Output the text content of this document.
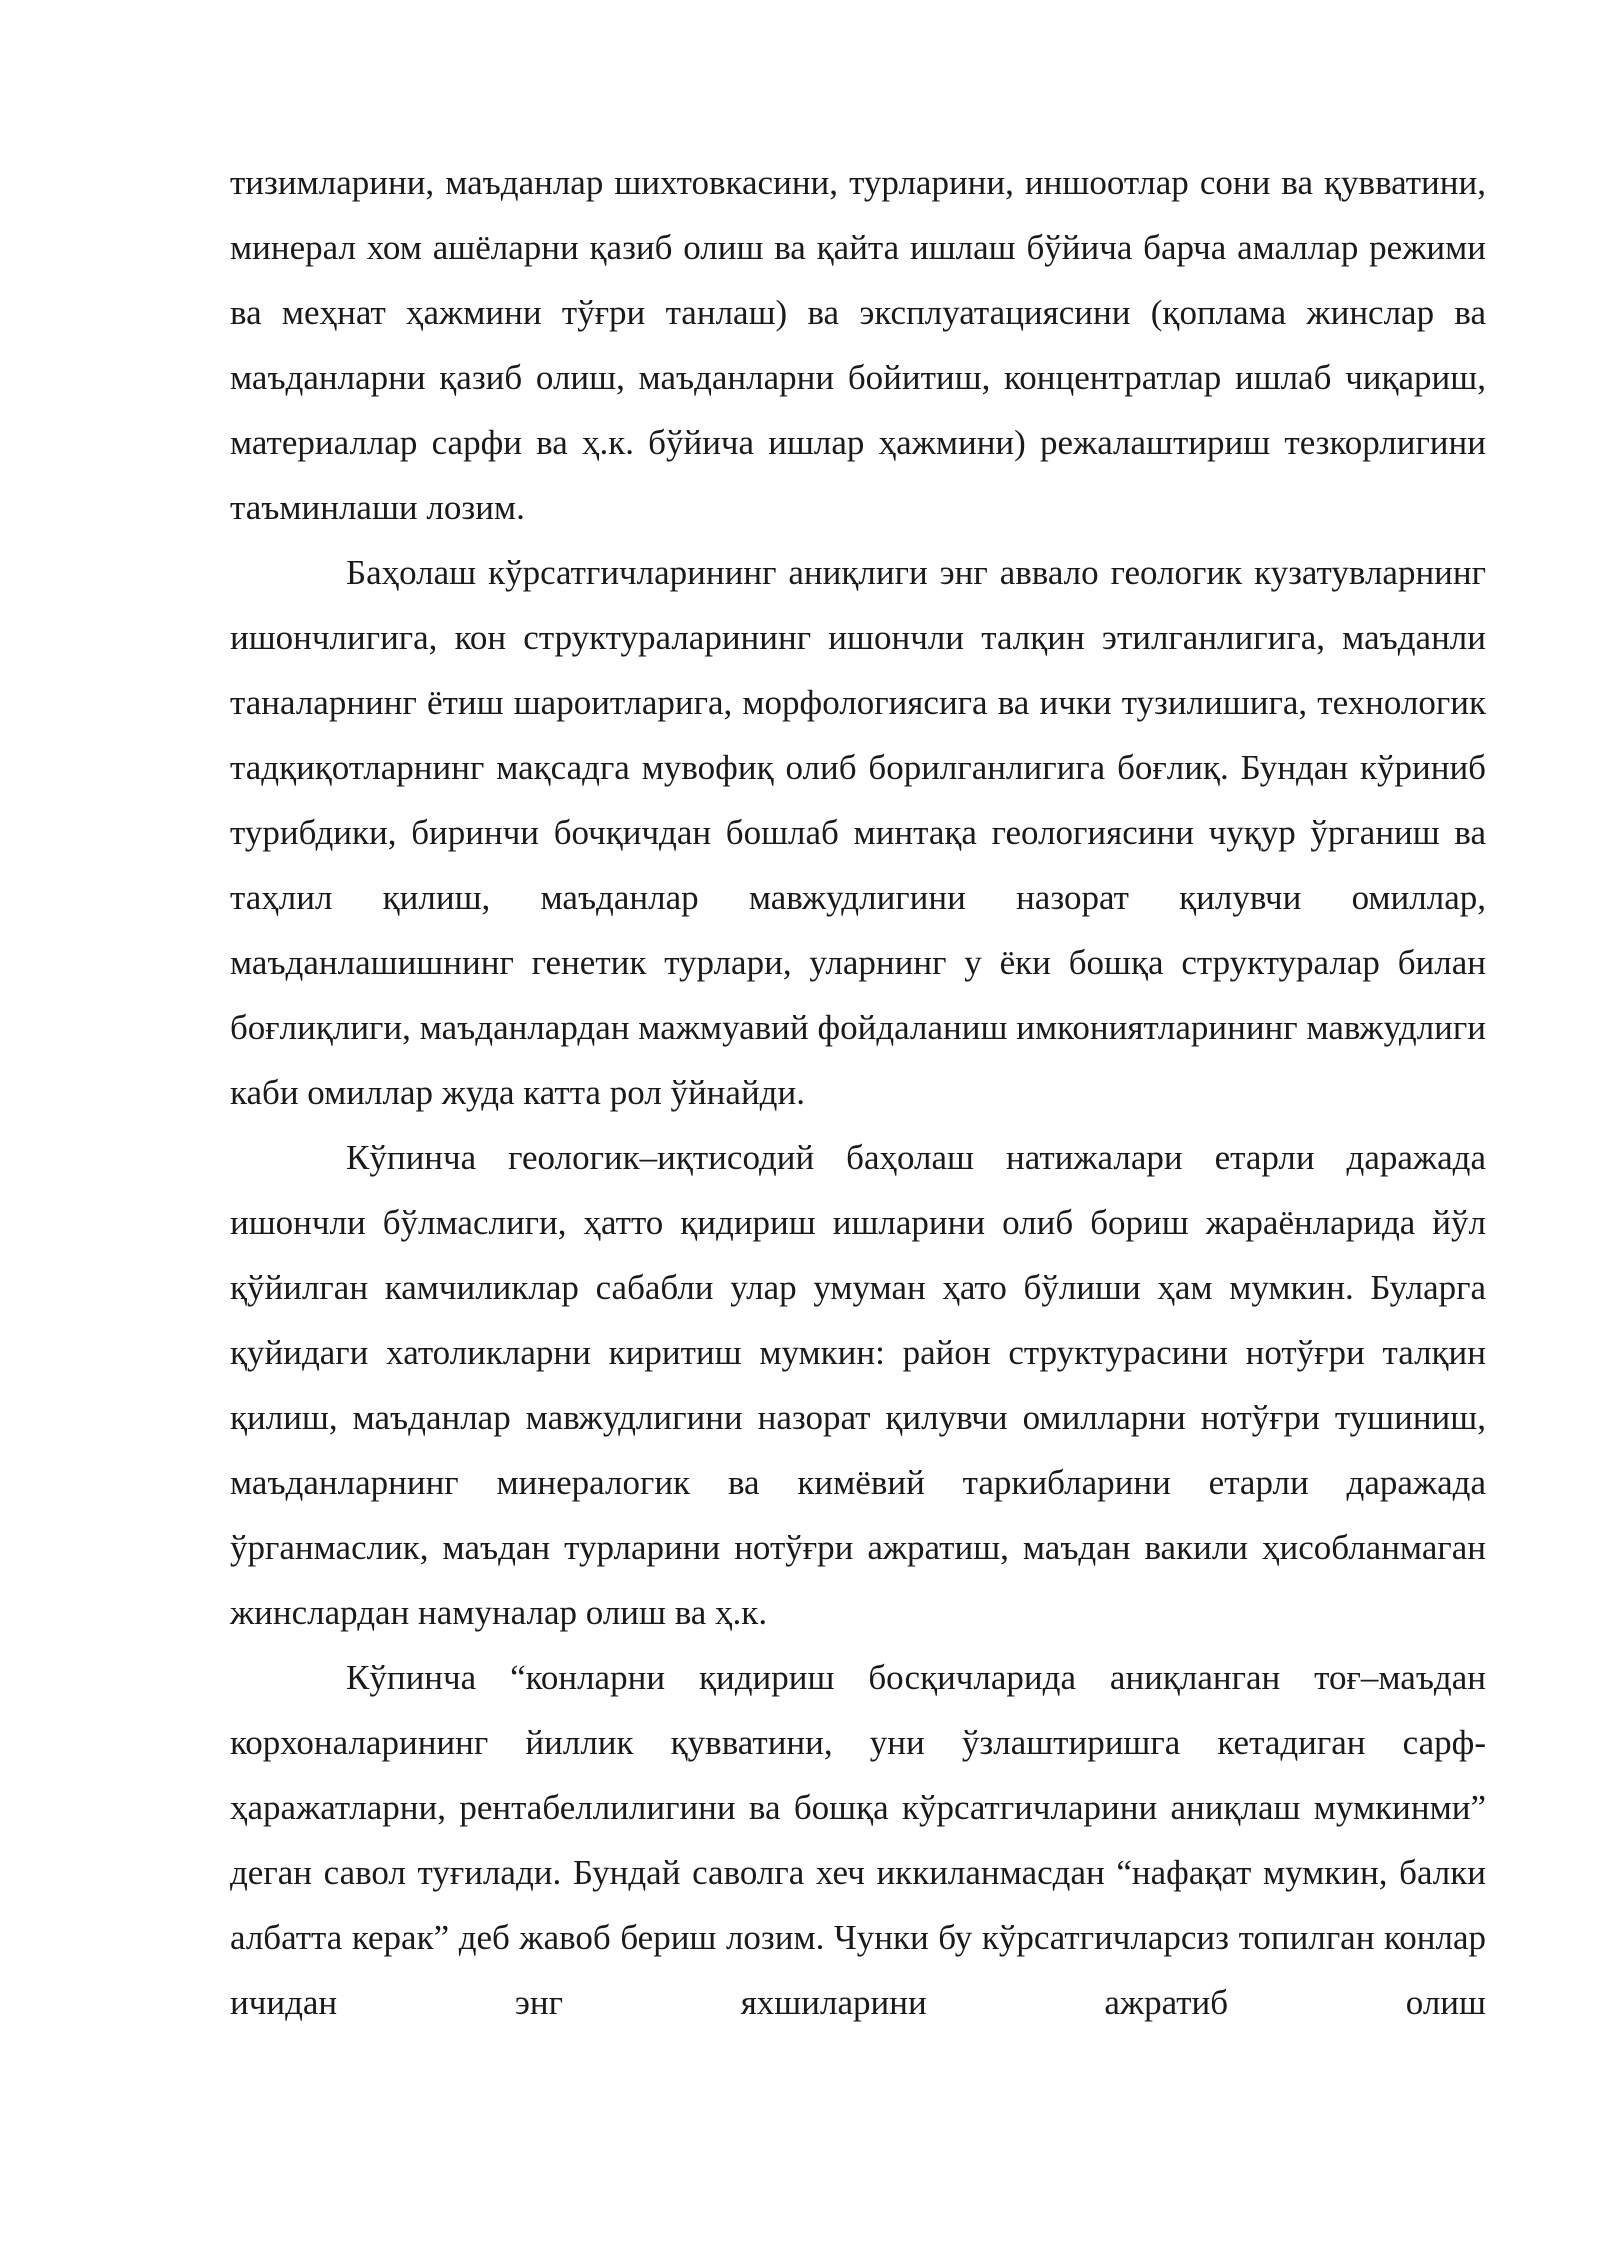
тизимларини, маъданлар шихтовкасини, турларини, иншоотлар сони ва қувватини, минерал хом ашёларни қазиб олиш ва қайта ишлаш бўйича барча амаллар режими ва меҳнат ҳажмини тўғри танлаш) ва эксплуатациясини (қоплама жинслар ва маъданларни қазиб олиш, маъданларни бойитиш, концентратлар ишлаб чиқариш, материаллар сарфи ва ҳ.к. бўйича ишлар ҳажмини) режалаштириш тезкорлигини таъминлаши лозим.

Баҳолаш кўрсатгичларининг аниқлиги энг аввало геологик кузатувларнинг ишончлигига, кон структураларининг ишончли талқин этилганлигига, маъданли таналарнинг ётиш шароитларига, морфологиясига ва ички тузилишига, технологик тадқиқотларнинг мақсадга мувофиқ олиб борилганлигига боғлиқ. Бундан кўриниб турибдики, биринчи бочқичдан бошлаб минтақа геологиясини чуқур ўрганиш ва таҳлил қилиш, маъданлар мавжудлигини назорат қилувчи омиллар, маъданлашишнинг генетик турлари, уларнинг у ёки бошқа структуралар билан боғлиқлиги, маъданлардан мажмуавий фойдаланиш имкониятларининг мавжудлиги каби омиллар жуда катта рол ўйнайди.

Кўпинча геологик–иқтисодий баҳолаш натижалари етарли даражада ишончли бўлмаслиги, ҳатто қидириш ишларини олиб бориш жараёнларида йўл қўйилган камчиликлар сабабли улар умуман ҳато бўлиши ҳам мумкин. Буларга қуйидаги хатоликларни киритиш мумкин: район структурасини нотўғри талқин қилиш, маъданлар мавжудлигини назорат қилувчи омилларни нотўғри тушиниш, маъданларнинг минералогик ва кимёвий таркибларини етарли даражада ўрганмаслик, маъдан турларини нотўғри ажратиш, маъдан вакили ҳисобланмаган жинслардан намуналар олиш ва ҳ.к.

Кўпинча “конларни қидириш босқичларида аниқланган тоғ–маъдан корхоналарининг йиллик қувватини, уни ўзлаштиришга кетадиган сарф-ҳаражатларни, рентабеллилигини ва бошқа кўрсатгичларини аниқлаш мумкинми” деган савол туғилади. Бундай саволга хеч иккиланмасдан “нафақат мумкин, балки албатта керак” деб жавоб бериш лозим. Чунки бу кўрсатгичларсиз топилган конлар ичидан энг яхшиларини ажратиб олиш
